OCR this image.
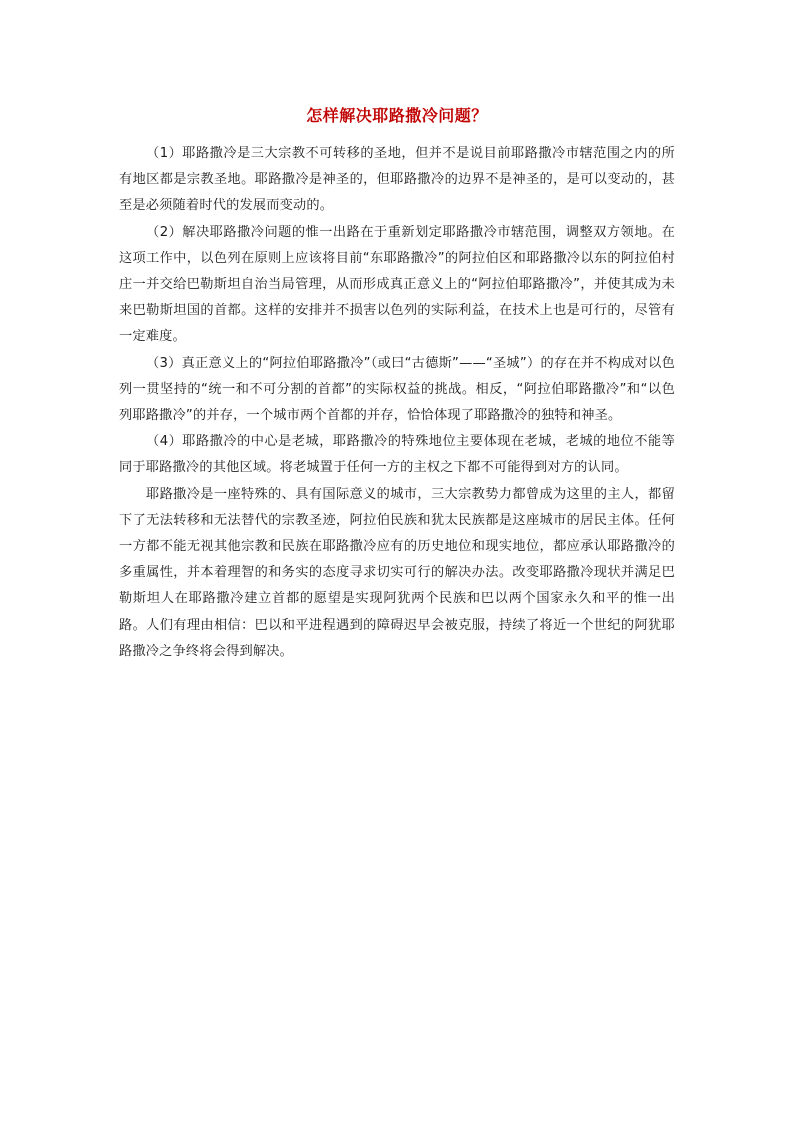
怎样解决耶路撒冷问题？

（1）耶路撒冷是三大宗教不可转移的圣地，但并不是说目前耶路撒冷市辖范围之内的所有地区都是宗教圣地。耶路撒冷是神圣的，但耶路撒冷的边界不是神圣的，是可以变动的，甚至是必须随着时代的发展而变动的。

（2）解决耶路撒冷问题的惟一出路在于重新划定耶路撒冷市辖范围，调整双方领地。在这项工作中，以色列在原则上应该将目前“东耶路撒冷”的阿拉伯区和耶路撒冷以东的阿拉伯村庄一并交给巴勒斯坦自治当局管理，从而形成真正意义上的“阿拉伯耶路撒冷”，并使其成为未来巴勒斯坦国的首都。这样的安排并不损害以色列的实际利益，在技术上也是可行的，尽管有一定难度。

（3）真正意义上的“阿拉伯耶路撒冷”（或曰“古德斯”——“圣城”）的存在并不构成对以色列一贯坚持的“统一和不可分割的首都”的实际权益的挑战。相反，“阿拉伯耶路撒冷”和“以色列耶路撒冷”的并存，一个城市两个首都的并存，恰恰体现了耶路撒冷的独特和神圣。

（4）耶路撒冷的中心是老城，耶路撒冷的特殊地位主要体现在老城，老城的地位不能等同于耶路撒冷的其他区域。将老城置于任何一方的主权之下都不可能得到对方的认同。

耶路撒冷是一座特殊的、具有国际意义的城市，三大宗教势力都曾成为这里的主人，都留下了无法转移和无法替代的宗教圣迹，阿拉伯民族和犹太民族都是这座城市的居民主体。任何一方都不能无视其他宗教和民族在耶路撒冷应有的历史地位和现实地位，都应承认耶路撒冷的多重属性，并本着理智的和务实的态度寻求切实可行的解决办法。改变耶路撒冷现状并满足巴勒斯坦人在耶路撒冷建立首都的愿望是实现阿犹两个民族和巴以两个国家永久和平的惟一出路。人们有理由相信：巴以和平进程遇到的障碍迟早会被克服，持续了将近一个世纪的阿犹耶路撒冷之争终将会得到解决。
